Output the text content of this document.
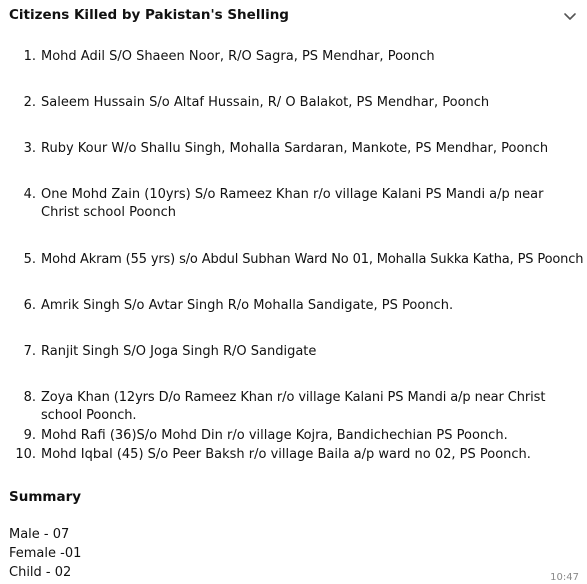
Citizens Killed by Pakistan's Shelling
1. Mohd Adil S/O Shaeen Noor, R/O Sagra, PS Mendhar, Poonch
2. Saleem Hussain S/o Altaf Hussain, R/ O Balakot, PS Mendhar, Poonch
3. Ruby Kour W/o Shallu Singh, Mohalla Sardaran, Mankote, PS Mendhar, Poonch
4. One Mohd Zain (10yrs) S/o Rameez Khan r/o village Kalani PS Mandi a/p near Christ school Poonch
5. Mohd Akram (55 yrs) s/o Abdul Subhan Ward No 01, Mohalla Sukka Katha, PS Poonch
6. Amrik Singh S/o Avtar Singh R/o Mohalla Sandigate, PS Poonch.
7. Ranjit Singh S/O Joga Singh R/O Sandigate
8. Zoya Khan (12yrs D/o Rameez Khan r/o village Kalani PS Mandi a/p near Christ school Poonch.
9. Mohd Rafi (36)S/o Mohd Din r/o village Kojra, Bandichechian PS Poonch.
10. Mohd Iqbal (45) S/o Peer Baksh r/o village Baila a/p ward no 02, PS Poonch.
Summary
Male - 07
Female -01
Child - 02	10:47
